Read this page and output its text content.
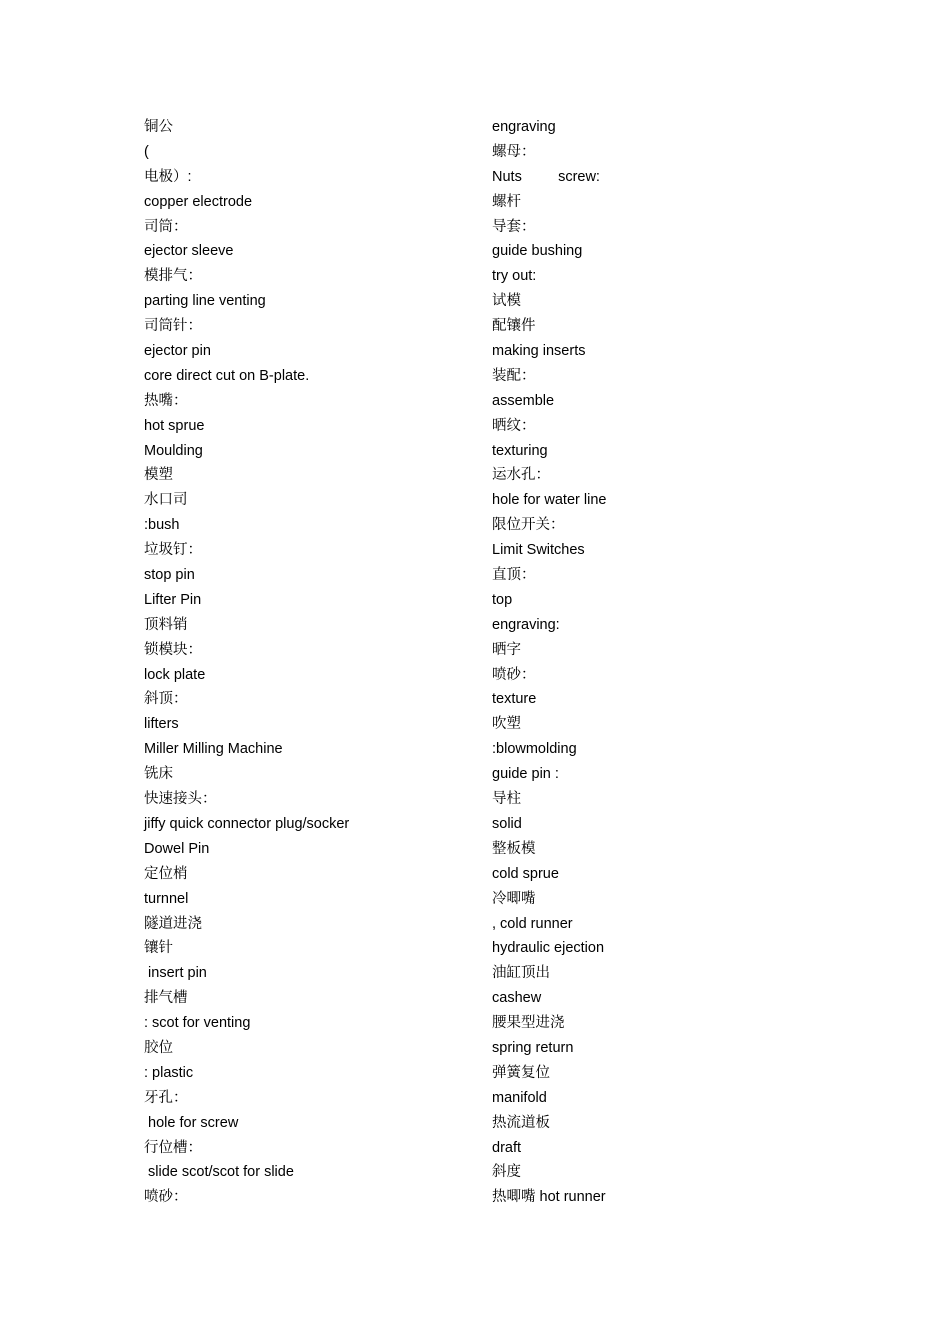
铜公
(
电极）:
copper electrode
司筒：
ejector sleeve
模排气：
parting line venting
司筒针：
ejector pin
core direct cut on B-plate.
热嘴：
hot sprue
Moulding
模塑
水口司
:bush
垃圾钉：
stop pin
Lifter Pin
顶料销
锁模块：
lock plate
斜顶：
lifters
Miller Milling Machine
铣床
快速接头：
jiffy quick connector plug/socker
Dowel Pin
定位梢
turnnel
隧道进浇
镶针
insert pin
排气槽
: scot for venting
胶位
: plastic
牙孔：
hole for screw
行位槽：
slide scot/scot for slide
喷砂：
engraving
螺母：
Nuts         screw:
螺杆
导套：
guide bushing
try out:
试模
配镶件
making inserts
装配：
assemble
晒纹：
texturing
运水孔：
hole for water line
限位开关：
Limit Switches
直顶：
top
engraving:
晒字
喷砂：
texture
吹塑
:blowmolding
guide pin :
导柱
solid
整板模
cold sprue
冷唧嘴
, cold runner
hydraulic ejection
油缸顶出
cashew
腰果型进浇
spring return
弹簧复位
manifold
热流道板
draft
斜度
热唧嘴 hot runner
